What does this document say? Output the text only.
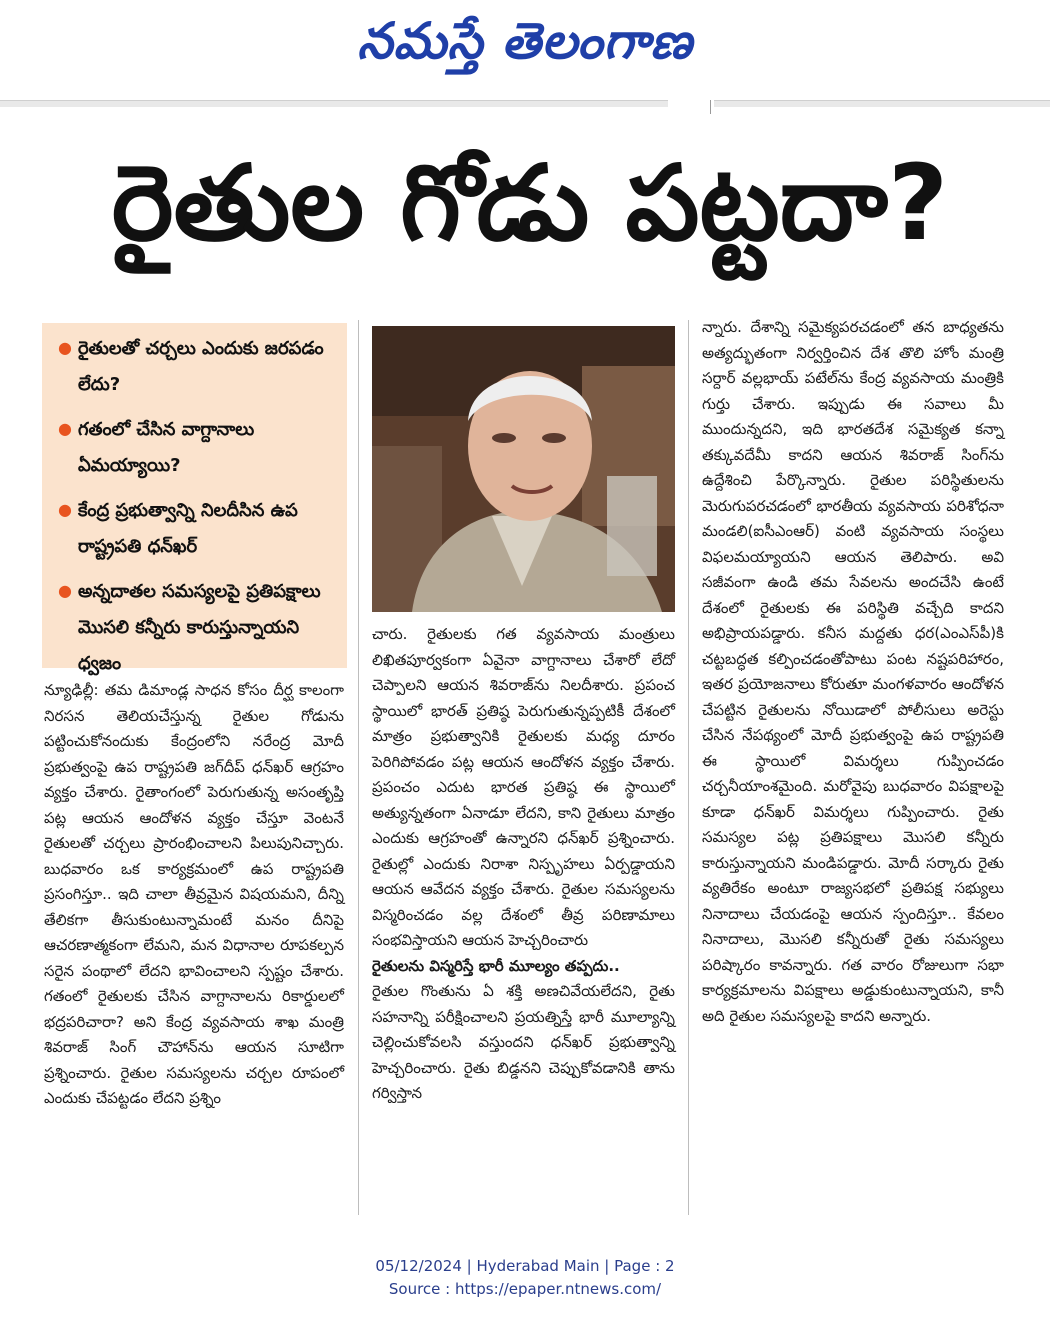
నమస్తే తెలంగాణ
రైతుల గోడు పట్టదా?
● రైతులతో చర్చలు ఎందుకు జరపడం లేదు?
● గతంలో చేసిన వాగ్దానాలు ఏమయ్యాయి?
● కేంద్ర ప్రభుత్వాన్ని నిలదీసిన ఉప రాష్ట్రపతి ధన్‌ఖర్
● అన్నదాతల సమస్యలపై ప్రతిపక్షాలు మొసలి కన్నీరు కారుస్తున్నాయని ధ్వజం

న్యూఢిల్లీ: తమ డిమాండ్ల సాధన కోసం దీర్ఘ కాలంగా నిరసన తెలియచేస్తున్న రైతుల గోడును పట్టించుకోనందుకు కేంద్రంలోని నరేంద్ర మోదీ ప్రభుత్వంపై ఉప రాష్ట్రపతి జగ్‌దీప్ ధన్‌ఖర్ ఆగ్రహం వ్యక్తం చేశారు. రైతాంగంలో పెరుగుతున్న అసంతృప్తి పట్ల ఆయన ఆందోళన వ్యక్తం చేస్తూ వెంటనే రైతులతో చర్చలు ప్రారంభించాలని పిలుపునిచ్చారు. బుధవారం ఒక కార్యక్రమంలో ఉప రాష్ట్రపతి ప్రసంగిస్తూ.. ఇది చాలా తీవ్రమైన విషయమని, దీన్ని తేలికగా తీసుకుంటున్నామంటే మనం దీనిపై ఆచరణాత్మకంగా లేమని, మన విధానాల రూపకల్పన సరైన పంథాలో లేదని భావించాలని స్పష్టం చేశారు. గతంలో రైతులకు చేసిన వాగ్దానాలను రికార్డులలో భద్రపరిచారా? అని కేంద్ర వ్యవసాయ శాఖ మంత్రి శివరాజ్ సింగ్ చౌహాన్‌ను ఆయన సూటిగా ప్రశ్నించారు. రైతుల సమస్యలను చర్చల రూపంలో ఎందుకు చేపట్టడం లేదని ప్రశ్నిం

చారు. రైతులకు గత వ్యవసాయ మంత్రులు లిఖితపూర్వకంగా ఏవైనా వాగ్దానాలు చేశారో లేదో చెప్పాలని ఆయన శివరాజ్‌ను నిలదీశారు. ప్రపంచ స్థాయిలో భారత్ ప్రతిష్ఠ పెరుగుతున్నప్పటికీ దేశంలో మాత్రం ప్రభుత్వానికి రైతులకు మధ్య దూరం పెరిగిపోవడం పట్ల ఆయన ఆందోళన వ్యక్తం చేశారు. ప్రపంచం ఎదుట భారత ప్రతిష్ఠ ఈ స్థాయిలో అత్యున్నతంగా ఏనాడూ లేదని, కాని రైతులు మాత్రం ఎందుకు ఆగ్రహంతో ఉన్నారని ధన్‌ఖర్ ప్రశ్నించారు. రైతుల్లో ఎందుకు నిరాశా నిస్పృహలు ఏర్పడ్డాయని ఆయన ఆవేదన వ్యక్తం చేశారు. రైతుల సమస్యలను విస్మరించడం వల్ల దేశంలో తీవ్ర పరిణామాలు సంభవిస్తాయని ఆయన హెచ్చరించారు

రైతులను విస్మరిస్తే భారీ మూల్యం తప్పదు..

రైతుల గొంతును ఏ శక్తి అణచివేయలేదని, రైతు సహనాన్ని పరీక్షించాలని ప్రయత్నిస్తే భారీ మూల్యాన్ని చెల్లించుకోవలసి వస్తుందని ధన్‌ఖర్ ప్రభుత్వాన్ని హెచ్చరించారు. రైతు బిడ్డనని చెప్పుకోవడానికి తాను గర్విస్తాన

న్నారు. దేశాన్ని సమైక్యపరచడంలో తన బాధ్యతను అత్యద్భుతంగా నిర్వర్తించిన దేశ తొలి హోం మంత్రి సర్దార్ వల్లభాయ్ పటేల్‌ను కేంద్ర వ్యవసాయ మంత్రికి గుర్తు చేశారు. ఇప్పుడు ఈ సవాలు మీ ముందున్నదని, ఇది భారతదేశ సమైక్యత కన్నా తక్కువదేమీ కాదని ఆయన శివరాజ్ సింగ్‌ను ఉద్దేశించి పేర్కొన్నారు. రైతుల పరిస్థితులను మెరుగుపరచడంలో భారతీయ వ్యవసాయ పరిశోధనా మండలి(ఐసీఎంఆర్) వంటి వ్యవసాయ సంస్థలు విఫలమయ్యాయని ఆయన తెలిపారు. అవి సజీవంగా ఉండి తమ సేవలను అందచేసి ఉంటే దేశంలో రైతులకు ఈ పరిస్థితి వచ్చేది కాదని అభిప్రాయపడ్డారు. కనీస మద్దతు ధర(ఎంఎస్‌పీ)కి చట్టబద్ధత కల్పించడంతోపాటు పంట నష్టపరిహారం, ఇతర ప్రయోజనాలు కోరుతూ మంగళవారం ఆందోళన చేపట్టిన రైతులను నోయిడాలో పోలీసులు అరెస్టు చేసిన నేపథ్యంలో మోదీ ప్రభుత్వంపై ఉప రాష్ట్రపతి ఈ స్థాయిలో విమర్శలు గుప్పించడం చర్చనీయాంశమైంది. మరోవైపు బుధవారం విపక్షాలపై కూడా ధన్‌ఖర్ విమర్శలు గుప్పించారు. రైతు సమస్యల పట్ల ప్రతిపక్షాలు మొసలి కన్నీరు కారుస్తున్నాయని మండిపడ్డారు. మోదీ సర్కారు రైతు వ్యతిరేకం అంటూ రాజ్యసభలో ప్రతిపక్ష సభ్యులు నినాదాలు చేయడంపై ఆయన స్పందిస్తూ.. కేవలం నినాదాలు, మొసలి కన్నీరుతో రైతు సమస్యలు పరిష్కారం కావన్నారు. గత వారం రోజులుగా సభా కార్యక్రమాలను విపక్షాలు అడ్డుకుంటున్నాయని, కానీ అది రైతుల సమస్యలపై కాదని అన్నారు.

05/12/2024 | Hyderabad Main | Page : 2
Source : https://epaper.ntnews.com/
